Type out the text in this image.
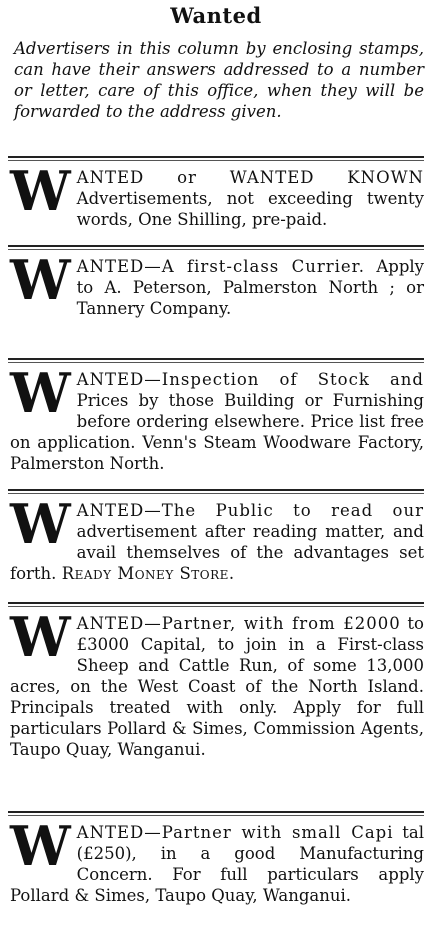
Wanted
Advertisers in this column by enclosing stamps, can have their answers addressed to a number or letter, care of this office, when they will be forwarded to the address given.
W ANTED or WANTED KNOWN Advertisements, not exceeding twenty words, One Shilling, pre-paid.
W ANTED—A first-class Currier. Apply to A. Peterson, Palmerston North ; or Tannery Company.
W ANTED—Inspection of Stock and Prices by those Building or Furnishing before ordering elsewhere. Price list free on application. Venn's Steam Woodware Factory, Palmerston North.
W ANTED—The Public to read our advertisement after reading matter, and avail themselves of the advantages set forth. Ready Money Store.
W ANTED—Partner, with from £2000 to £3000 Capital, to join in a First-class Sheep and Cattle Run, of some 13,000 acres, on the West Coast of the North Island. Principals treated with only. Apply for full particulars Pollard & Simes, Commission Agents, Taupo Quay, Wanganui.
W ANTED—Partner with small Capi tal (£250), in a good Manufacturing Concern. For full particulars apply Pollard & Simes, Taupo Quay, Wanganui.
